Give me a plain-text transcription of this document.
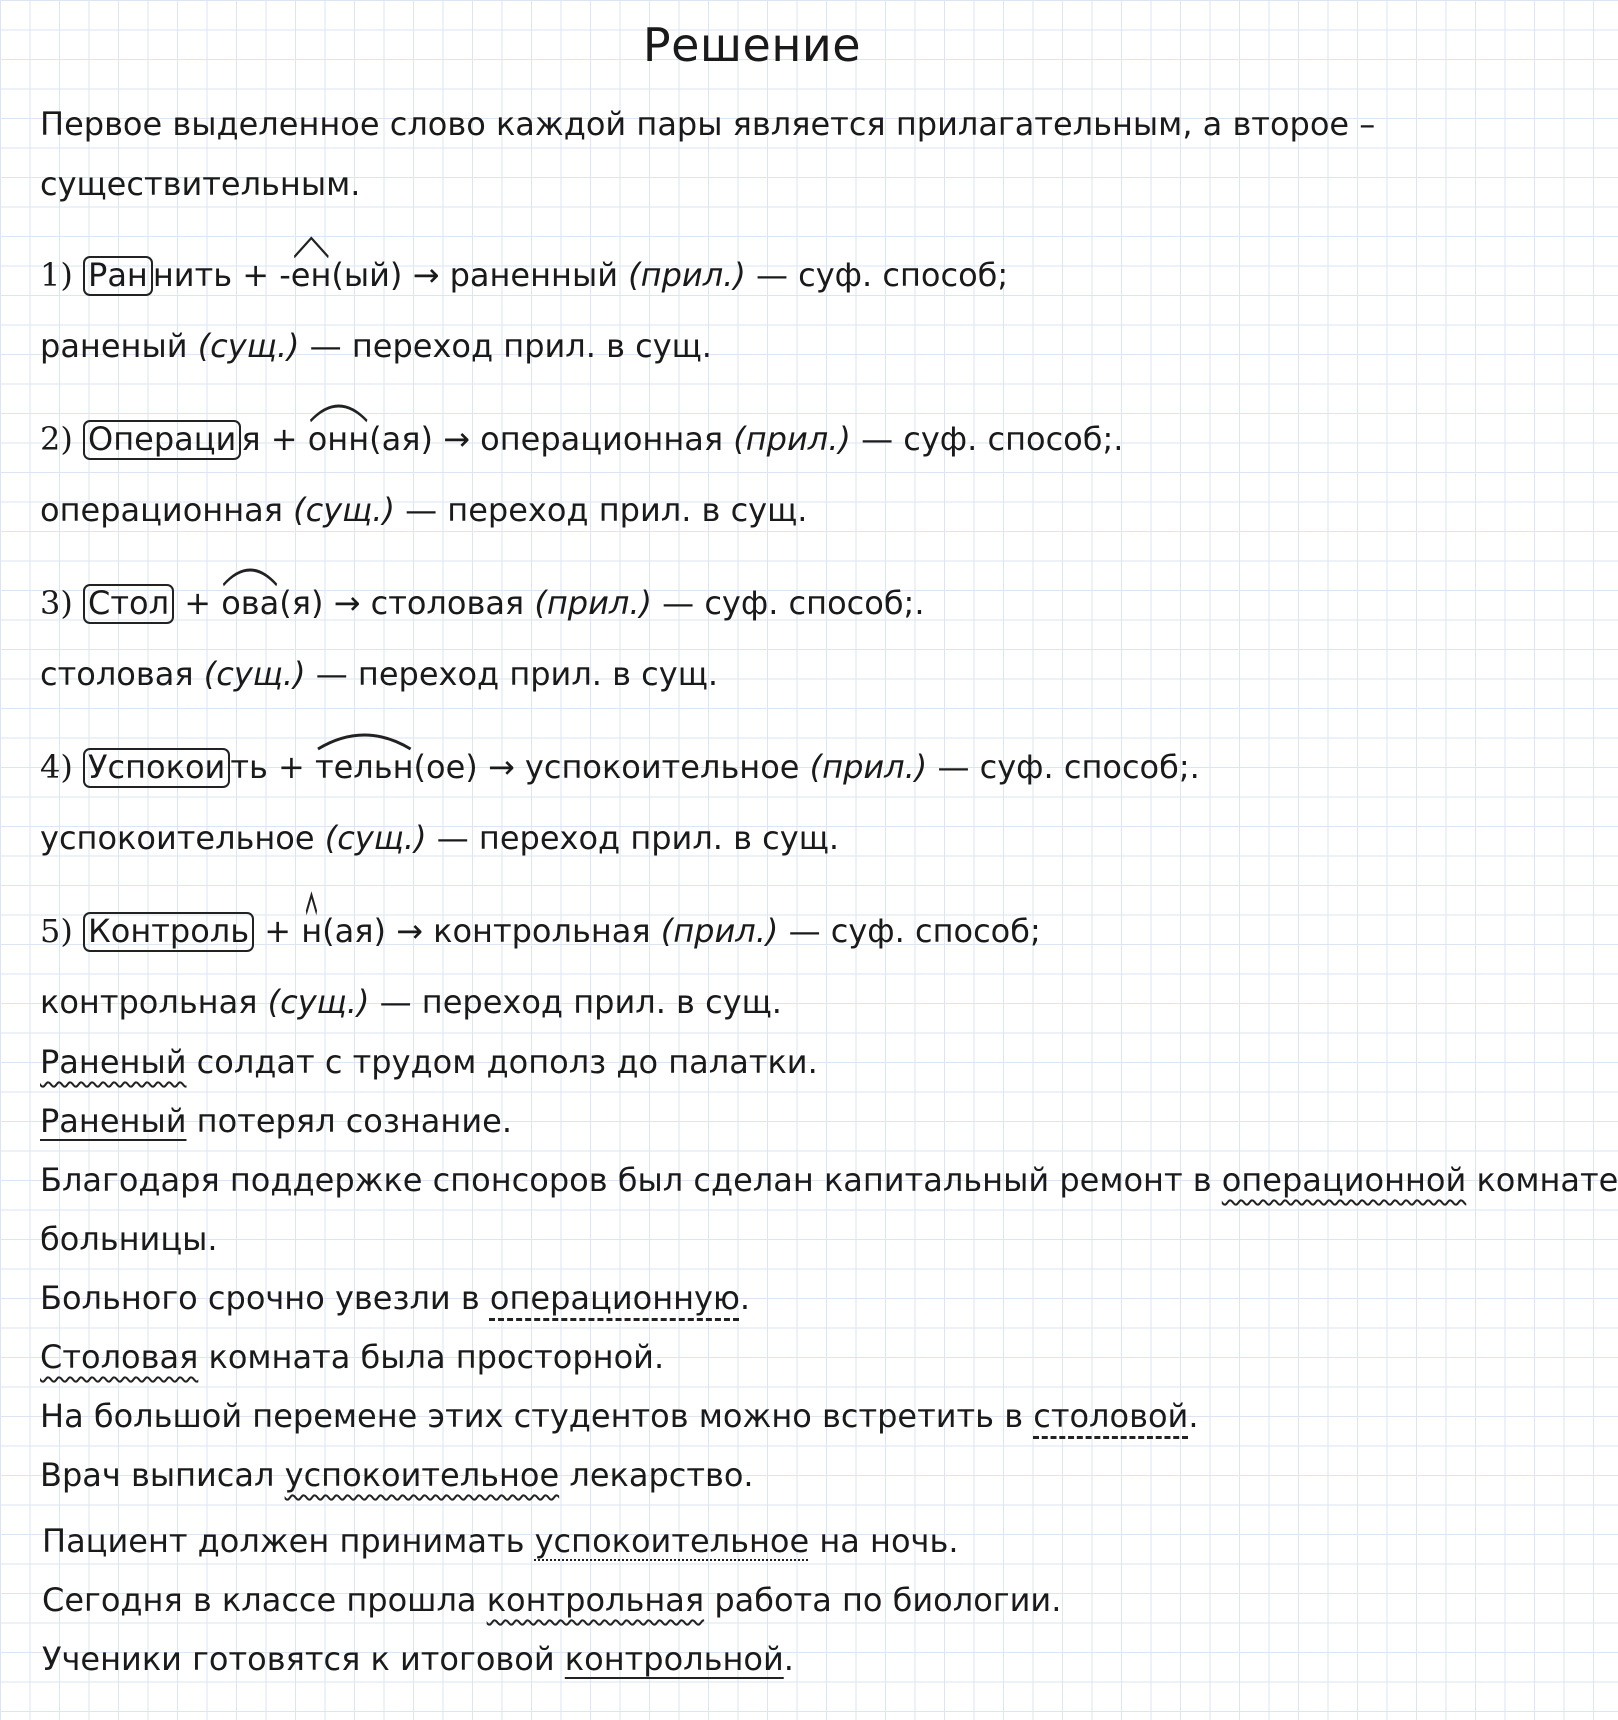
Решение
Первое выделенное слово каждой пары является прилагательным, а второе –
существительным.
1) Ран нить + -
ен(ый) → раненный (прил.) — суф. способ;
раненый (сущ.) — переход прил. в сущ.
2) Операци я +
онн(ая) → операционная (прил.) — суф. способ;.
операционная (сущ.) — переход прил. в сущ.
3) Стол +
ова(я) → столовая (прил.) — суф. способ;.
столовая (сущ.) — переход прил. в сущ.
4) Успокои ть +
тельн(ое) → успокоительное (прил.) — суф. способ;.
успокоительное (сущ.) — переход прил. в сущ.
5) Контроль +
н(ая) → контрольная (прил.) — суф. способ;
контрольная (сущ.) — переход прил. в сущ.
Раненый солдат с трудом дополз до палатки.
Раненый потерял сознание.
Благодаря поддержке спонсоров был сделан капитальный ремонт в операционной комнате
больницы.
Больного срочно увезли в операционную.
Столовая комната была просторной.
На большой перемене этих студентов можно встретить в столовой.
Врач выписал успокоительное лекарство.
Пациент должен принимать успокоительное на ночь.
Сегодня в классе прошла контрольная работа по биологии.
Ученики готовятся к итоговой контрольной.
